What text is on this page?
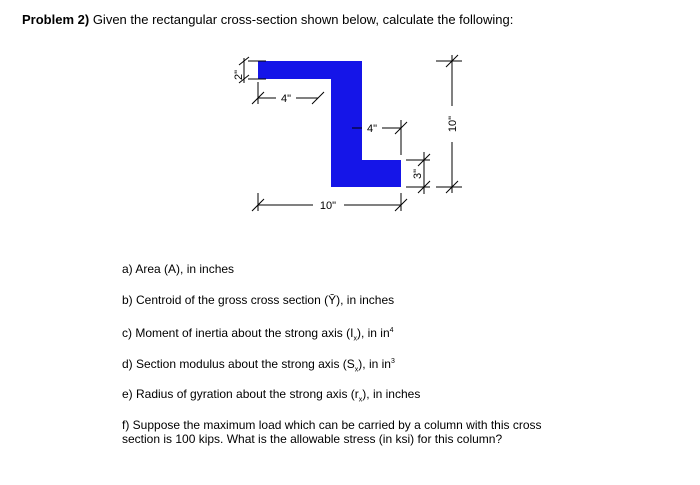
Problem 2) Given the rectangular cross-section shown below, calculate the following:
2"
4"
4"
3"
10"
10"
a) Area (A), in inches
b) Centroid of the gross cross section (Ȳ), in inches
c) Moment of inertia about the strong axis $(I_x)$, in $in^4$
d) Section modulus about the strong axis $(S_x)$, in $in^3$
e) Radius of gyration about the strong axis $(r_x)$, in inches
f) Suppose the maximum load which can be carried by a column with this cross
section is 100 kips. What is the allowable stress (in ksi) for this column?
